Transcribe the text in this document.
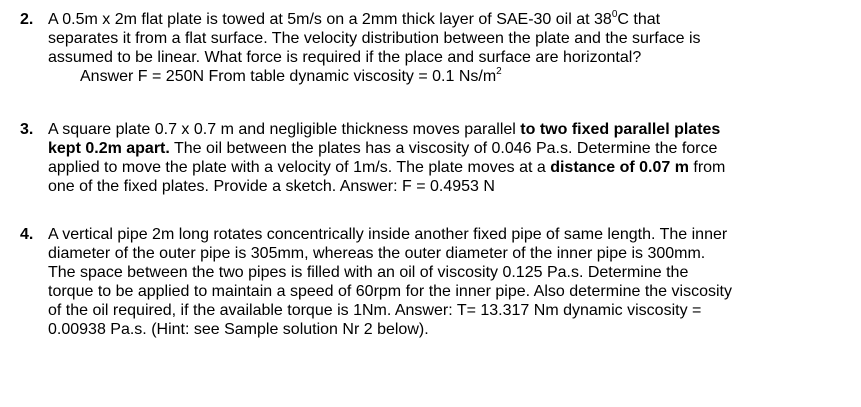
2. A 0.5m x 2m flat plate is towed at 5m/s on a 2mm thick layer of SAE-30 oil at $38^0C$ that
separates it from a flat surface. The velocity distribution between the plate and the surface is
assumed to be linear. What force is required if the place and surface are horizontal?
Answer F = 250N From table dynamic viscosity = 0.1 $Ns/m^2$
3. A square plate 0.7 x 0.7 m and negligible thickness moves parallel to two fixed parallel plates
kept 0.2m apart. The oil between the plates has a viscosity of 0.046 Pa.s. Determine the force
applied to move the plate with a velocity of 1m/s. The plate moves at a distance of 0.07 m from
one of the fixed plates. Provide a sketch. Answer: F = 0.4953 N
4. A vertical pipe 2m long rotates concentrically inside another fixed pipe of same length. The inner
diameter of the outer pipe is 305mm, whereas the outer diameter of the inner pipe is 300mm.
The space between the two pipes is filled with an oil of viscosity 0.125 Pa.s. Determine the
torque to be applied to maintain a speed of 60rpm for the inner pipe. Also determine the viscosity
of the oil required, if the available torque is 1Nm. Answer: T= 13.317 Nm dynamic viscosity =
0.00938 Pa.s. (Hint: see Sample solution Nr 2 below).
